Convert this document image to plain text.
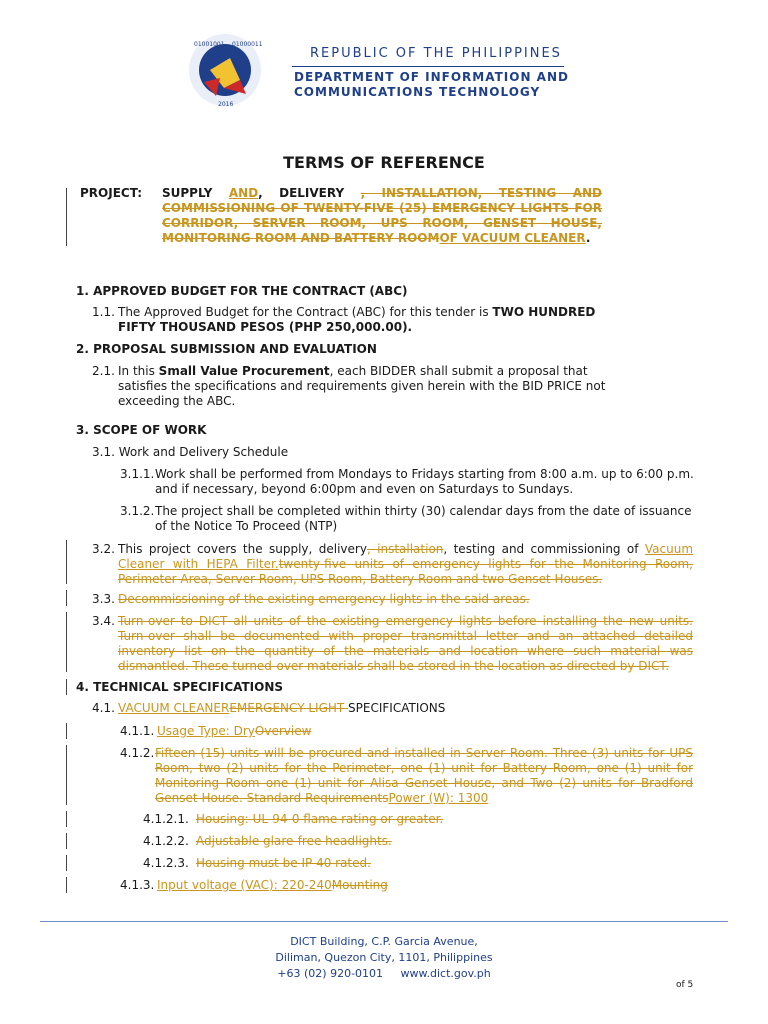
01001001 01000011
2016
REPUBLIC OF THE PHILIPPINES
DEPARTMENT OF INFORMATION AND
COMMUNICATIONS TECHNOLOGY
TERMS OF REFERENCE
PROJECT: SUPPLY AND, DELIVERY , INSTALLATION, TESTING AND COMMISSIONING OF TWENTY-FIVE (25) EMERGENCY LIGHTS FOR CORRIDOR, SERVER ROOM, UPS ROOM, GENSET HOUSE, MONITORING ROOM AND BATTERY ROOMOF VACUUM CLEANER.
1. APPROVED BUDGET FOR THE CONTRACT (ABC)
1.1. The Approved Budget for the Contract (ABC) for this tender is TWO HUNDRED FIFTY THOUSAND PESOS (PHP 250,000.00).
2. PROPOSAL SUBMISSION AND EVALUATION
2.1. In this Small Value Procurement, each BIDDER shall submit a proposal that satisfies the specifications and requirements given herein with the BID PRICE not exceeding the ABC.
3. SCOPE OF WORK
3.1. Work and Delivery Schedule
3.1.1. Work shall be performed from Mondays to Fridays starting from 8:00 a.m. up to 6:00 p.m. and if necessary, beyond 6:00pm and even on Saturdays to Sundays.
3.1.2. The project shall be completed within thirty (30) calendar days from the date of issuance of the Notice To Proceed (NTP)
3.2. This project covers the supply, delivery, installation, testing and commissioning of Vacuum Cleaner with HEPA Filter.twenty-five units of emergency lights for the Monitoring Room, Perimeter Area, Server Room, UPS Room, Battery Room and two Genset Houses.
3.3. Decommissioning of the existing emergency lights in the said areas.
3.4. Turn-over to DICT all units of the existing emergency lights before installing the new units. Turn-over shall be documented with proper transmittal letter and an attached detailed inventory list on the quantity of the materials and location where such material was dismantled. These turned-over materials shall be stored in the location as directed by DICT.
4. TECHNICAL SPECIFICATIONS
4.1. VACUUM CLEANEREMERGENCY LIGHT SPECIFICATIONS
4.1.1. Usage Type: DryOverview
4.1.2. Fifteen (15) units will be procured and installed in Server Room. Three (3) units for UPS Room, two (2) units for the Perimeter, one (1) unit for Battery Room, one (1) unit for Monitoring Room one (1) unit for Alisa Genset House, and Two (2) units for Bradford Genset House. Standard RequirementsPower (W): 1300
4.1.2.1. Housing: UL-94-0 flame rating or greater.
4.1.2.2. Adjustable glare-free headlights.
4.1.2.3. Housing must be IP 40 rated.
4.1.3. Input voltage (VAC): 220-240Mounting
DICT Building, C.P. Garcia Avenue,
Diliman, Quezon City, 1101, Philippines
+63 (02) 920-0101 www.dict.gov.ph
of 5
